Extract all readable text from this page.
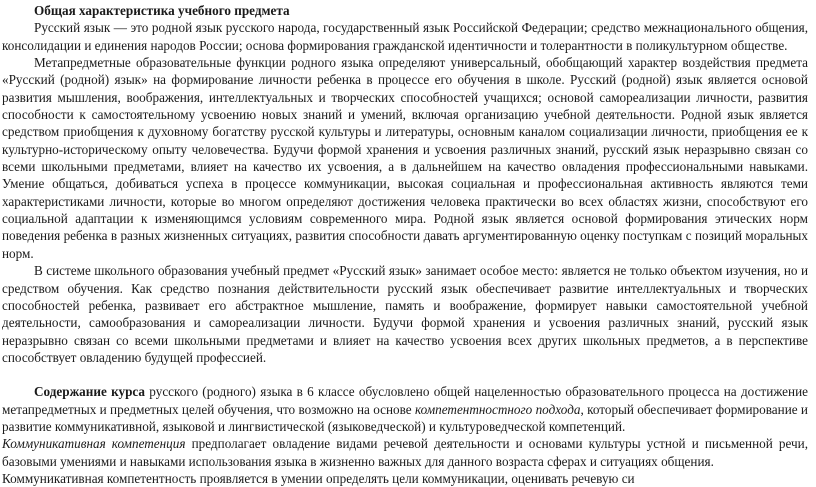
Общая характеристика учебного предмета

Русский язык — это родной язык русского народа, государственный язык Российской Федерации; средство межнационального общения, консолидации и единения народов России; основа формирования гражданской идентичности и толерантности в поликультурном обществе.

Метапредметные образовательные функции родного языка определяют универсальный, обобщающий характер воздействия предмета «Русский (родной) язык» на формирование личности ребенка в процессе его обучения в школе. Русский (родной) язык является основой развития мышления, воображения, интеллектуальных и творческих способностей учащихся; основой самореализации личности, развития способности к самостоятельному усвоению новых знаний и умений, включая организацию учебной деятельности. Родной язык является средством приобщения к духовному богатству русской культуры и литературы, основным каналом социализации личности, приобщения ее к культурно-историческому опыту человечества. Будучи формой хранения и усвоения различных знаний, русский язык неразрывно связан со всеми школьными предметами, влияет на качество их усвоения, а в дальнейшем на качество овладения профессиональными навыками. Умение общаться, добиваться успеха в процессе коммуникации, высокая социальная и профессиональная активность являются теми характеристиками личности, которые во многом определяют достижения человека практически во всех областях жизни, способствуют его социальной адаптации к изменяющимся условиям современного мира. Родной язык является основой формирования этических норм поведения ребенка в разных жизненных ситуациях, развития способности давать аргументированную оценку поступкам с позиций моральных норм.

В системе школьного образования учебный предмет «Русский язык» занимает особое место: является не только объектом изучения, но и средством обучения. Как средство познания действительности русский язык обеспечивает развитие интеллектуальных и творческих способностей ребенка, развивает его абстрактное мышление, память и воображение, формирует навыки самостоятельной учебной деятельности, самообразования и самореализации личности. Будучи формой хранения и усвоения различных знаний, русский язык неразрывно связан со всеми школьными предметами и влияет на качество усвоения всех других школьных предметов, а в перспективе способствует овладению будущей профессией.

Содержание курса русского (родного) языка в 6 классе обусловлено общей нацеленностью образовательного процесса на достижение метапредметных и предметных целей обучения, что возможно на основе компетентностного подхода, который обеспечивает формирование и развитие коммуникативной, языковой и лингвистической (языковедческой) и культуроведческой компетенций.

Коммуникативная компетенция предполагает овладение видами речевой деятельности и основами культуры устной и письменной речи, базовыми умениями и навыками использования языка в жизненно важных для данного возраста сферах и ситуациях общения.

Коммуникативная компетентность проявляется в умении определять цели коммуникации, оценивать речевую си
